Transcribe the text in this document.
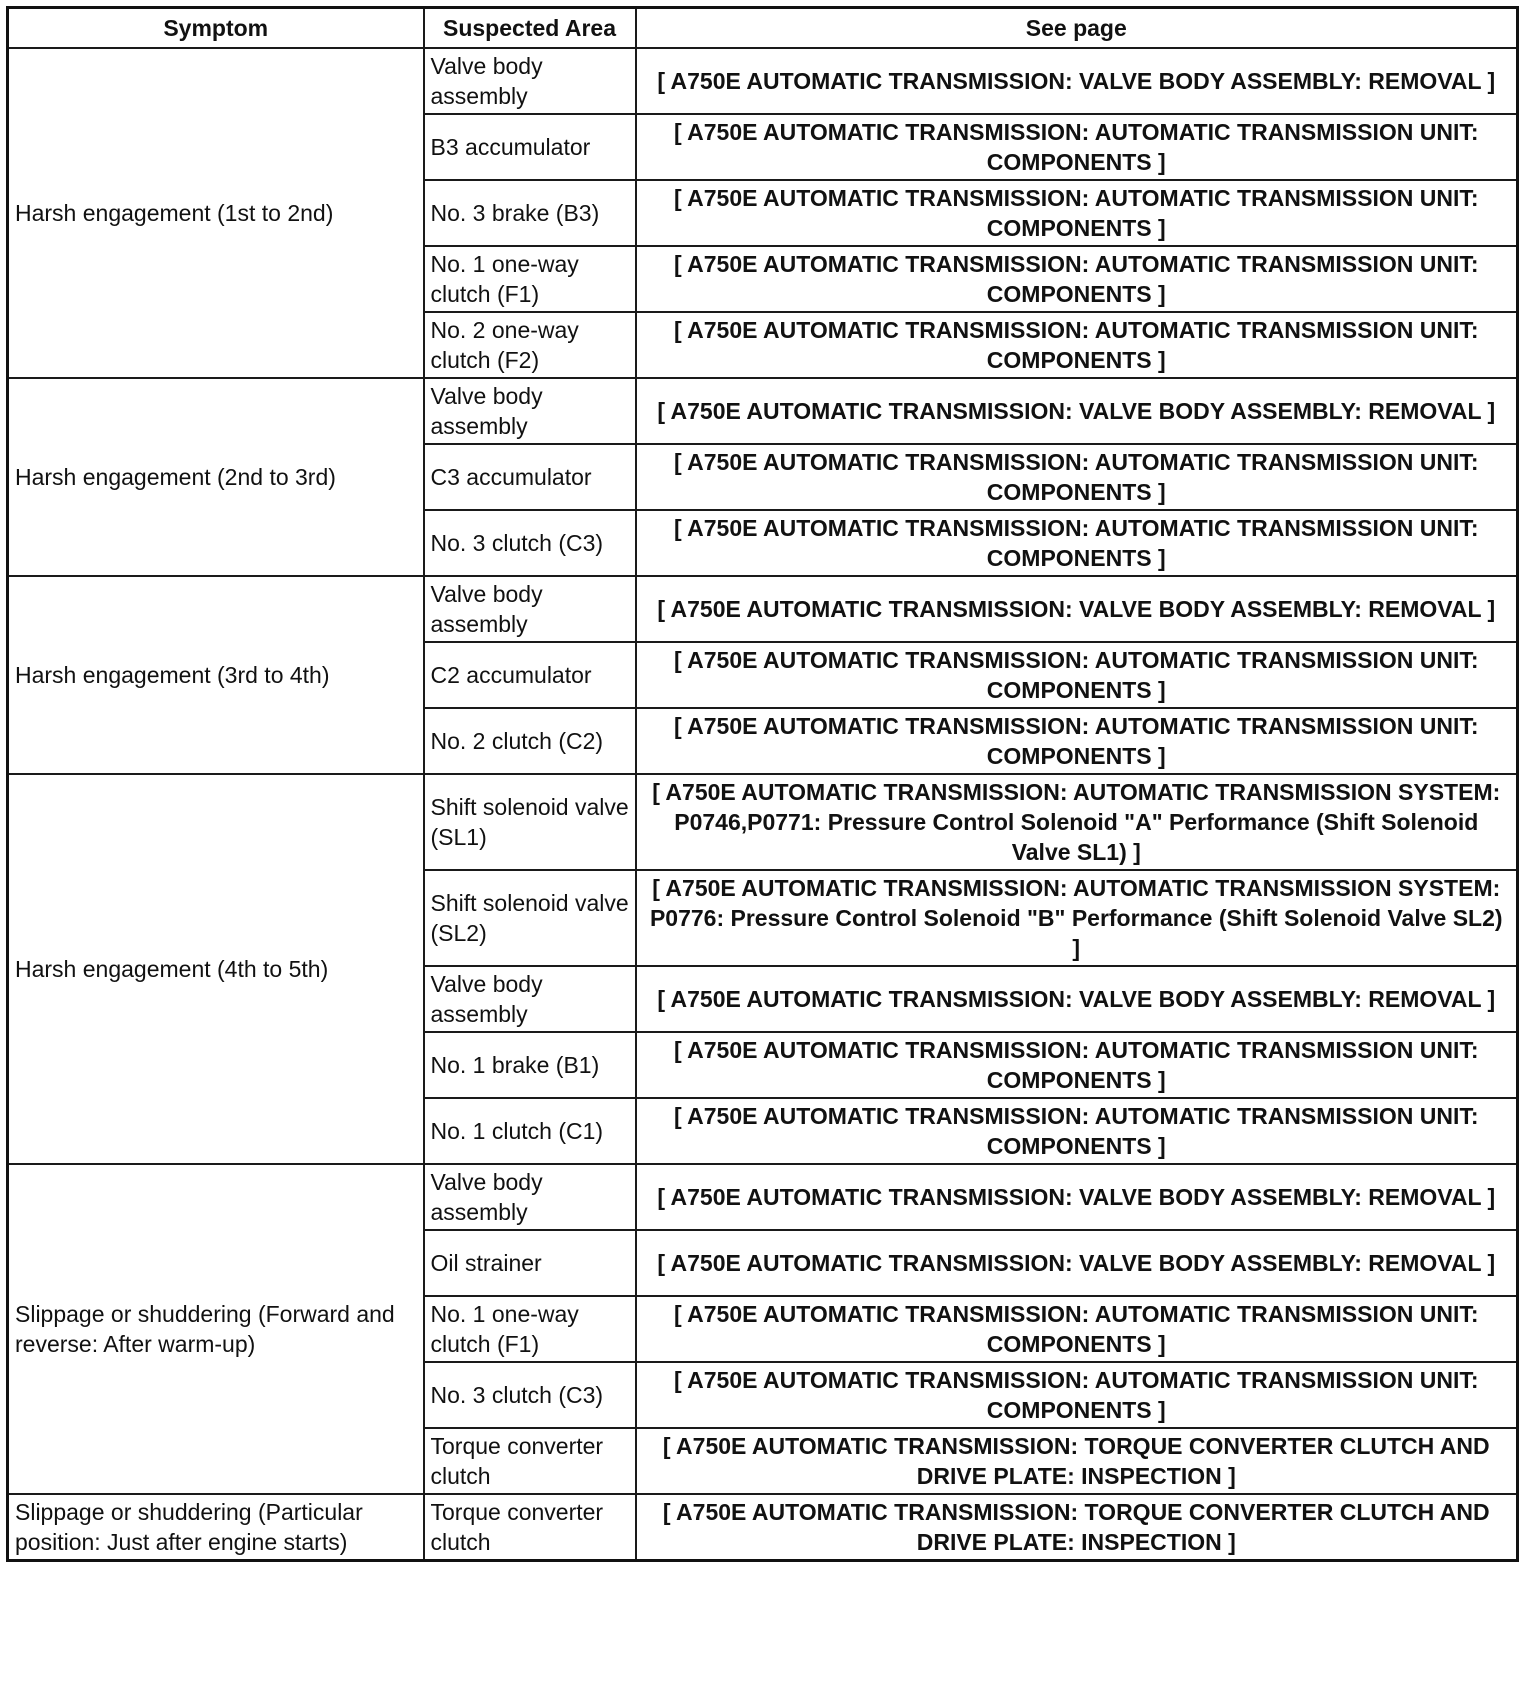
Symptom	Suspected Area	See page
Harsh engagement (1st to 2nd)	Valve body assembly	[ A750E AUTOMATIC TRANSMISSION: VALVE BODY ASSEMBLY: REMOVAL ]
	B3 accumulator	[ A750E AUTOMATIC TRANSMISSION: AUTOMATIC TRANSMISSION UNIT: COMPONENTS ]
	No. 3 brake (B3)	[ A750E AUTOMATIC TRANSMISSION: AUTOMATIC TRANSMISSION UNIT: COMPONENTS ]
	No. 1 one-way clutch (F1)	[ A750E AUTOMATIC TRANSMISSION: AUTOMATIC TRANSMISSION UNIT: COMPONENTS ]
	No. 2 one-way clutch (F2)	[ A750E AUTOMATIC TRANSMISSION: AUTOMATIC TRANSMISSION UNIT: COMPONENTS ]
Harsh engagement (2nd to 3rd)	Valve body assembly	[ A750E AUTOMATIC TRANSMISSION: VALVE BODY ASSEMBLY: REMOVAL ]
	C3 accumulator	[ A750E AUTOMATIC TRANSMISSION: AUTOMATIC TRANSMISSION UNIT: COMPONENTS ]
	No. 3 clutch (C3)	[ A750E AUTOMATIC TRANSMISSION: AUTOMATIC TRANSMISSION UNIT: COMPONENTS ]
Harsh engagement (3rd to 4th)	Valve body assembly	[ A750E AUTOMATIC TRANSMISSION: VALVE BODY ASSEMBLY: REMOVAL ]
	C2 accumulator	[ A750E AUTOMATIC TRANSMISSION: AUTOMATIC TRANSMISSION UNIT: COMPONENTS ]
	No. 2 clutch (C2)	[ A750E AUTOMATIC TRANSMISSION: AUTOMATIC TRANSMISSION UNIT: COMPONENTS ]
Harsh engagement (4th to 5th)	Shift solenoid valve (SL1)	[ A750E AUTOMATIC TRANSMISSION: AUTOMATIC TRANSMISSION SYSTEM: P0746,P0771: Pressure Control Solenoid "A" Performance (Shift Solenoid Valve SL1) ]
	Shift solenoid valve (SL2)	[ A750E AUTOMATIC TRANSMISSION: AUTOMATIC TRANSMISSION SYSTEM: P0776: Pressure Control Solenoid "B" Performance (Shift Solenoid Valve SL2) ]
	Valve body assembly	[ A750E AUTOMATIC TRANSMISSION: VALVE BODY ASSEMBLY: REMOVAL ]
	No. 1 brake (B1)	[ A750E AUTOMATIC TRANSMISSION: AUTOMATIC TRANSMISSION UNIT: COMPONENTS ]
	No. 1 clutch (C1)	[ A750E AUTOMATIC TRANSMISSION: AUTOMATIC TRANSMISSION UNIT: COMPONENTS ]
Slippage or shuddering (Forward and reverse: After warm-up)	Valve body assembly	[ A750E AUTOMATIC TRANSMISSION: VALVE BODY ASSEMBLY: REMOVAL ]
	Oil strainer	[ A750E AUTOMATIC TRANSMISSION: VALVE BODY ASSEMBLY: REMOVAL ]
	No. 1 one-way clutch (F1)	[ A750E AUTOMATIC TRANSMISSION: AUTOMATIC TRANSMISSION UNIT: COMPONENTS ]
	No. 3 clutch (C3)	[ A750E AUTOMATIC TRANSMISSION: AUTOMATIC TRANSMISSION UNIT: COMPONENTS ]
	Torque converter clutch	[ A750E AUTOMATIC TRANSMISSION: TORQUE CONVERTER CLUTCH AND DRIVE PLATE: INSPECTION ]
Slippage or shuddering (Particular position: Just after engine starts)	Torque converter clutch	[ A750E AUTOMATIC TRANSMISSION: TORQUE CONVERTER CLUTCH AND DRIVE PLATE: INSPECTION ]
